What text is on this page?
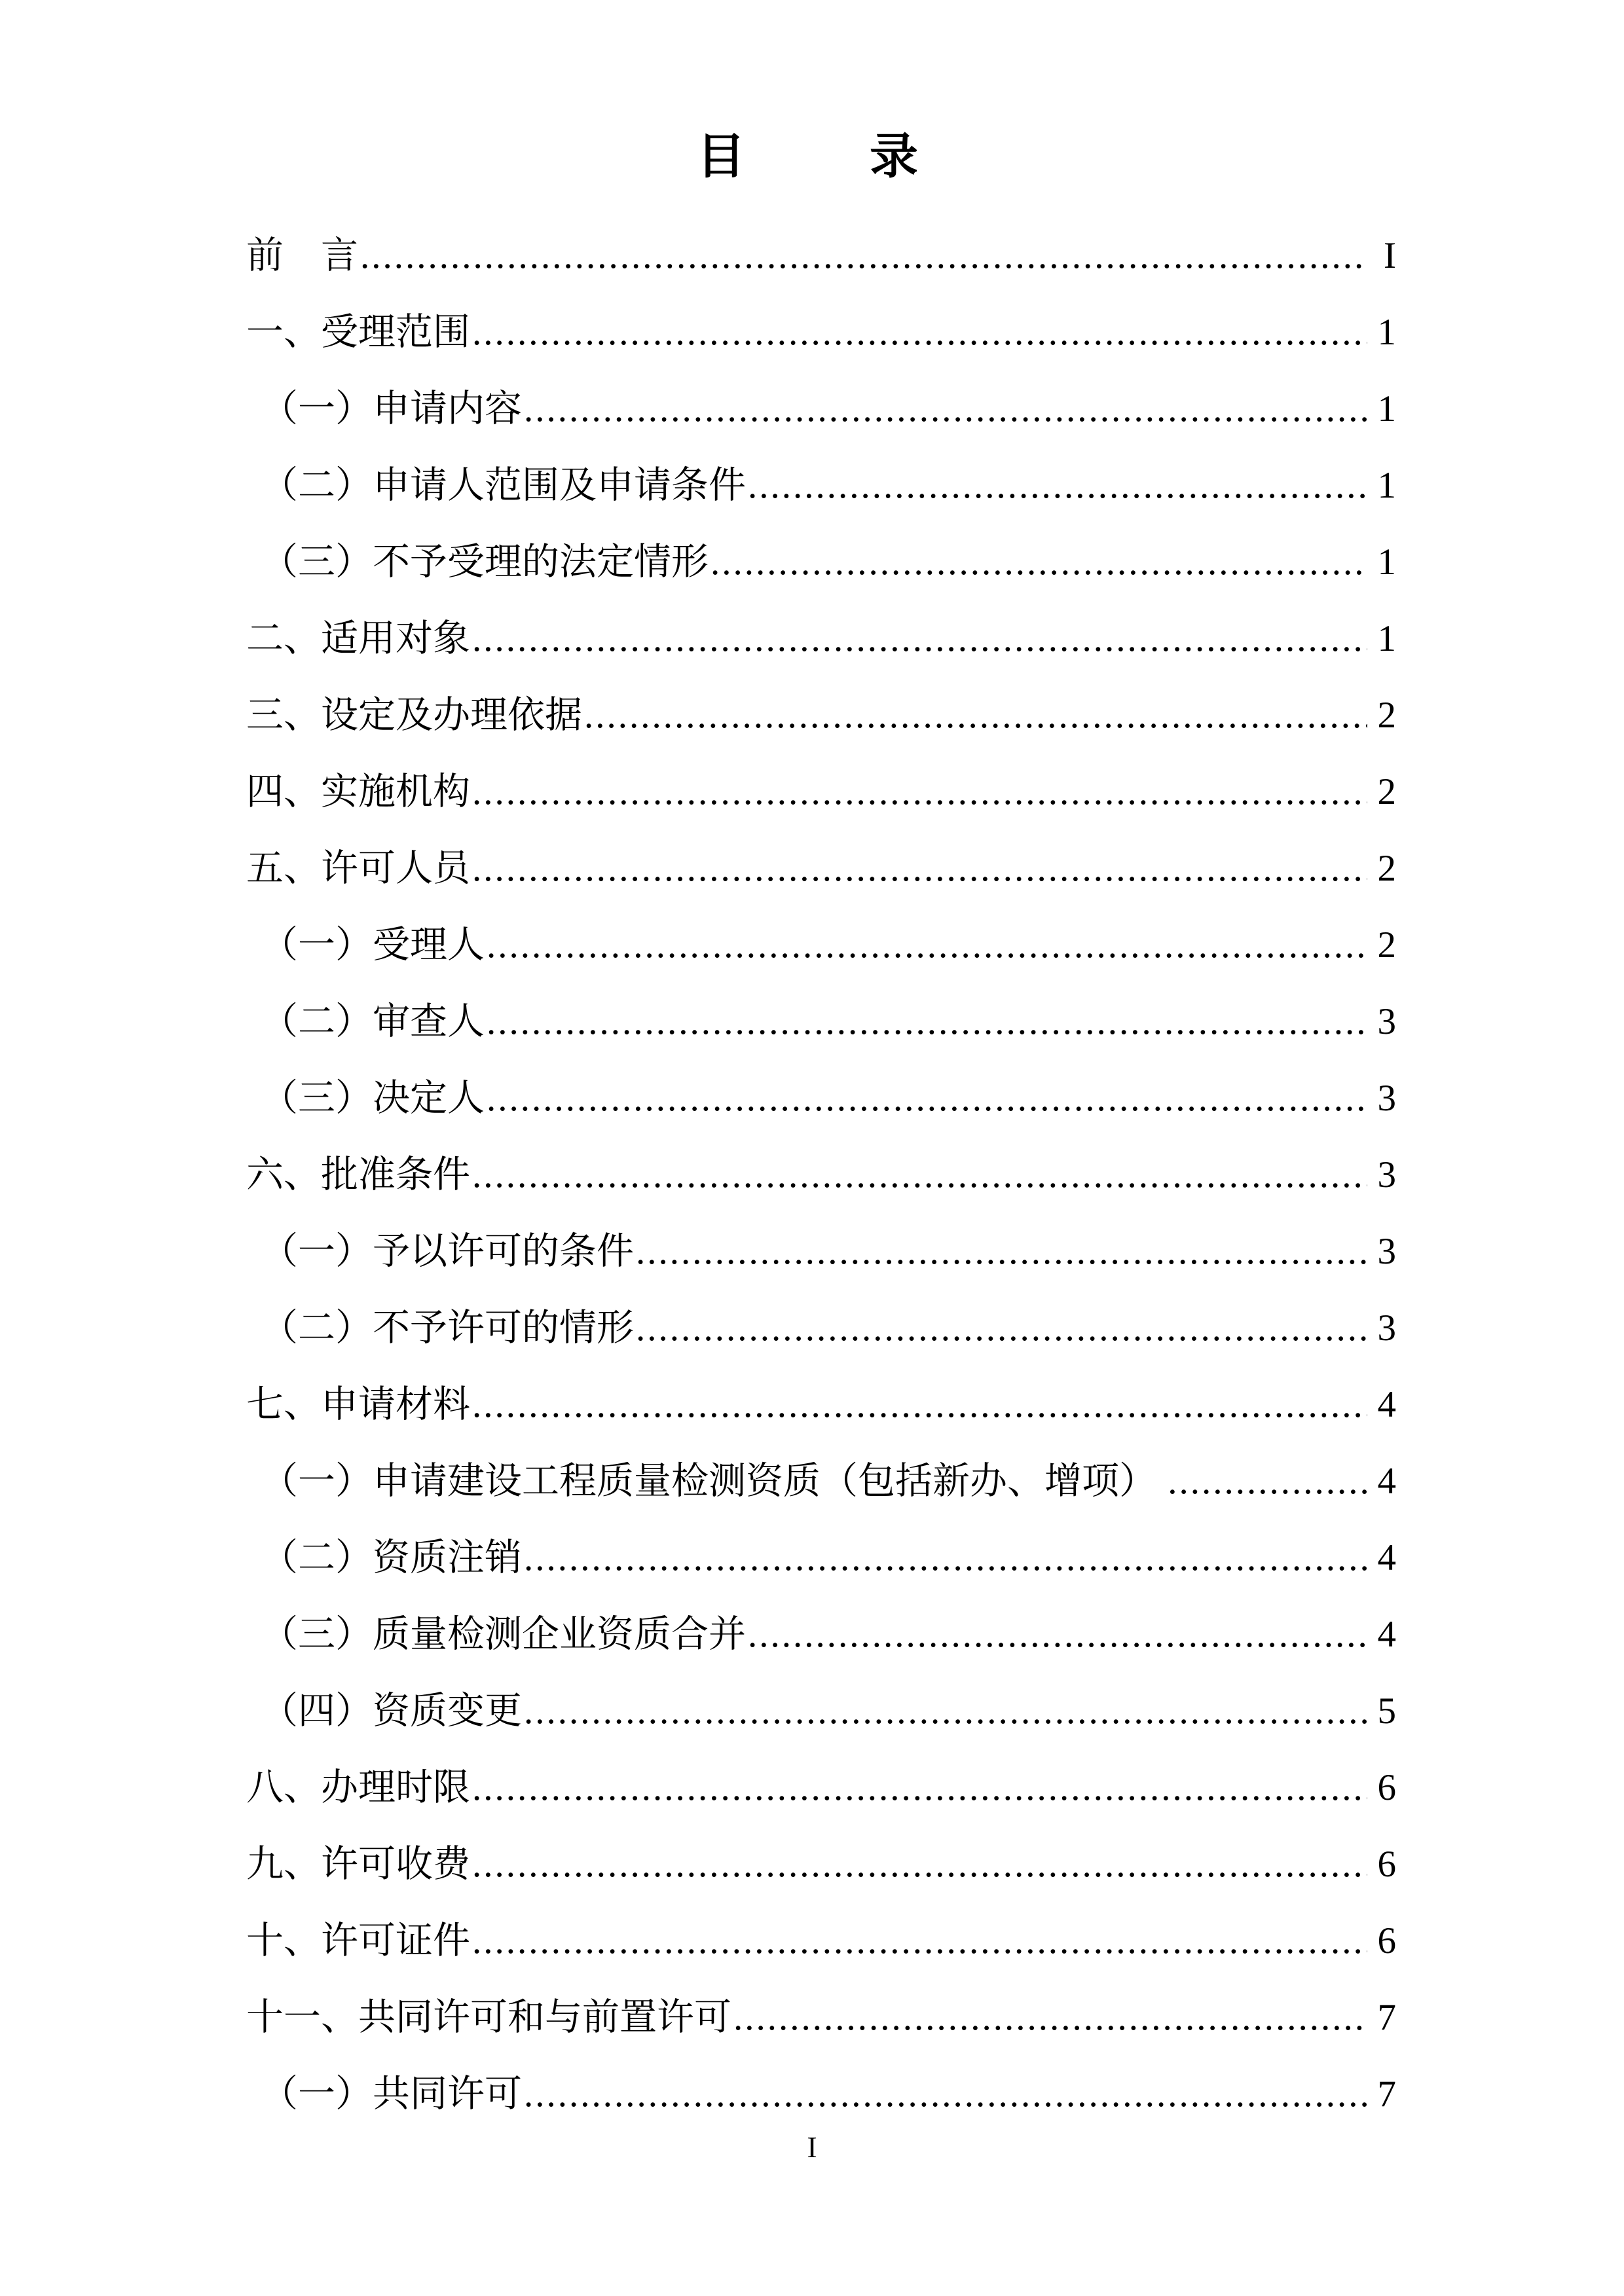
目　　录
前　言 .....	I
一、受理范围 .....	1
（一）申请内容 .....	1
（二）申请人范围及申请条件 .....	1
（三）不予受理的法定情形 .....	1
二、适用对象 .....	1
三、设定及办理依据 .....	2
四、实施机构 .....	2
五、许可人员 .....	2
（一）受理人 .....	2
（二）审查人 .....	3
（三）决定人 .....	3
六、批准条件 .....	3
（一）予以许可的条件 .....	3
（二）不予许可的情形 .....	3
七、申请材料 .....	4
（一）申请建设工程质量检测资质（包括新办、增项） .....	4
（二）资质注销 .....	4
（三）质量检测企业资质合并 .....	4
（四）资质变更 .....	5
八、办理时限 .....	6
九、许可收费 .....	6
十、许可证件 .....	6
十一、共同许可和与前置许可 .....	7
（一）共同许可 .....	7
I
